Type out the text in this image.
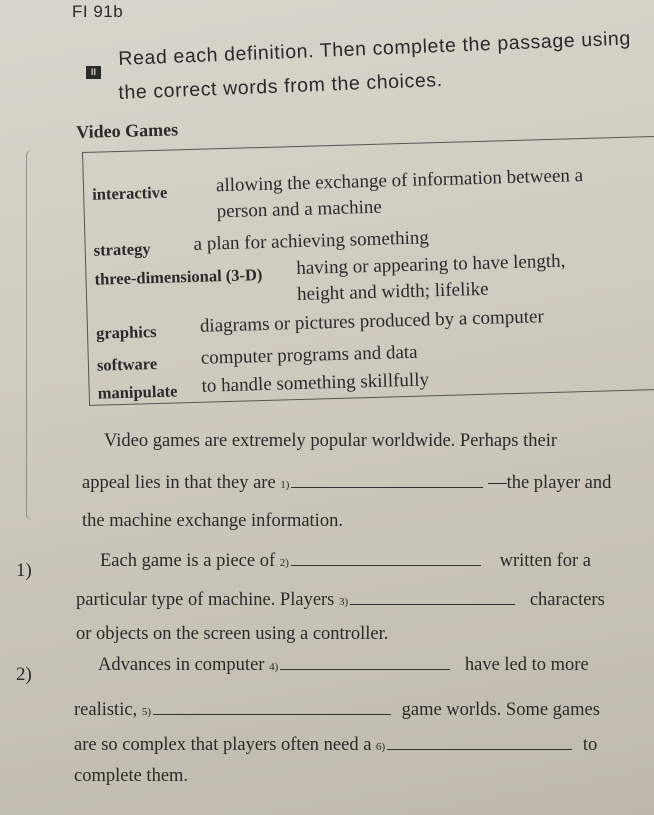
FI 91b
II
Read each definition. Then complete the passage using
the correct words from the choices.
Video Games
interactive	allowing the exchange of information between a
person and a machine
strategy a plan for achieving something
three-dimensional (3-D) having or appearing to have length,
height and width; lifelike
graphics diagrams or pictures produced by a computer
software computer programs and data
manipulate to handle something skillfully
Video games are extremely popular worldwide. Perhaps their
appeal lies in that they are 1)	—the player and
the machine exchange information.
1)	Each game is a piece of 2)	written for a
particular type of machine. Players 3)	characters
or objects on the screen using a controller.
2)	Advances in computer 4)	have led to more
realistic, 5)	game worlds. Some games
are so complex that players often need a 6)	to
complete them.
